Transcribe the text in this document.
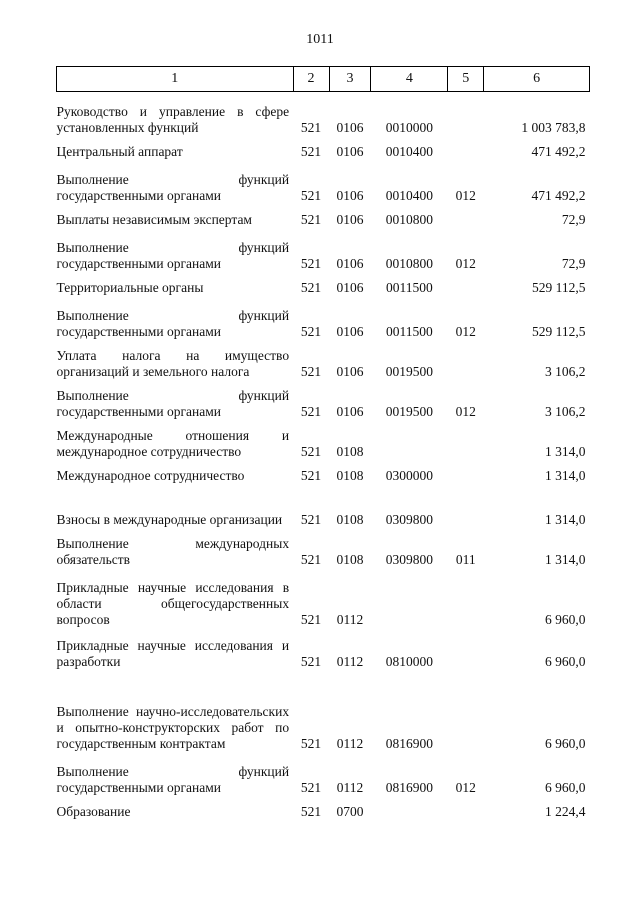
1011
1	2	3	4	5	6

Руководство и управление в сфере установленных функций	521	0106	0010000		1 003 783,8

Центральный аппарат	521	0106	0010400		471 492,2

Выполнение функций государственными органами	521	0106	0010400	012	471 492,2

Выплаты независимым экспертам	521	0106	0010800		72,9

Выполнение функций государственными органами	521	0106	0010800	012	72,9

Территориальные органы	521	0106	0011500		529 112,5

Выполнение функций государственными органами	521	0106	0011500	012	529 112,5

Уплата налога на имущество организаций и земельного налога	521	0106	0019500		3 106,2

Выполнение функций государственными органами	521	0106	0019500	012	3 106,2

Международные отношения и международное сотрудничество	521	0108			1 314,0

Международное сотрудничество	521	0108	0300000		1 314,0

Взносы в международные организации	521	0108	0309800		1 314,0

Выполнение международных обязательств	521	0108	0309800	011	1 314,0

Прикладные научные исследования в области общегосударственных вопросов	521	0112			6 960,0

Прикладные научные исследования и разработки	521	0112	0810000		6 960,0

Выполнение научно-исследовательских и опытно-конструкторских работ по государственным контрактам	521	0112	0816900		6 960,0

Выполнение функций государственными органами	521	0112	0816900	012	6 960,0

Образование	521	0700			1 224,4
